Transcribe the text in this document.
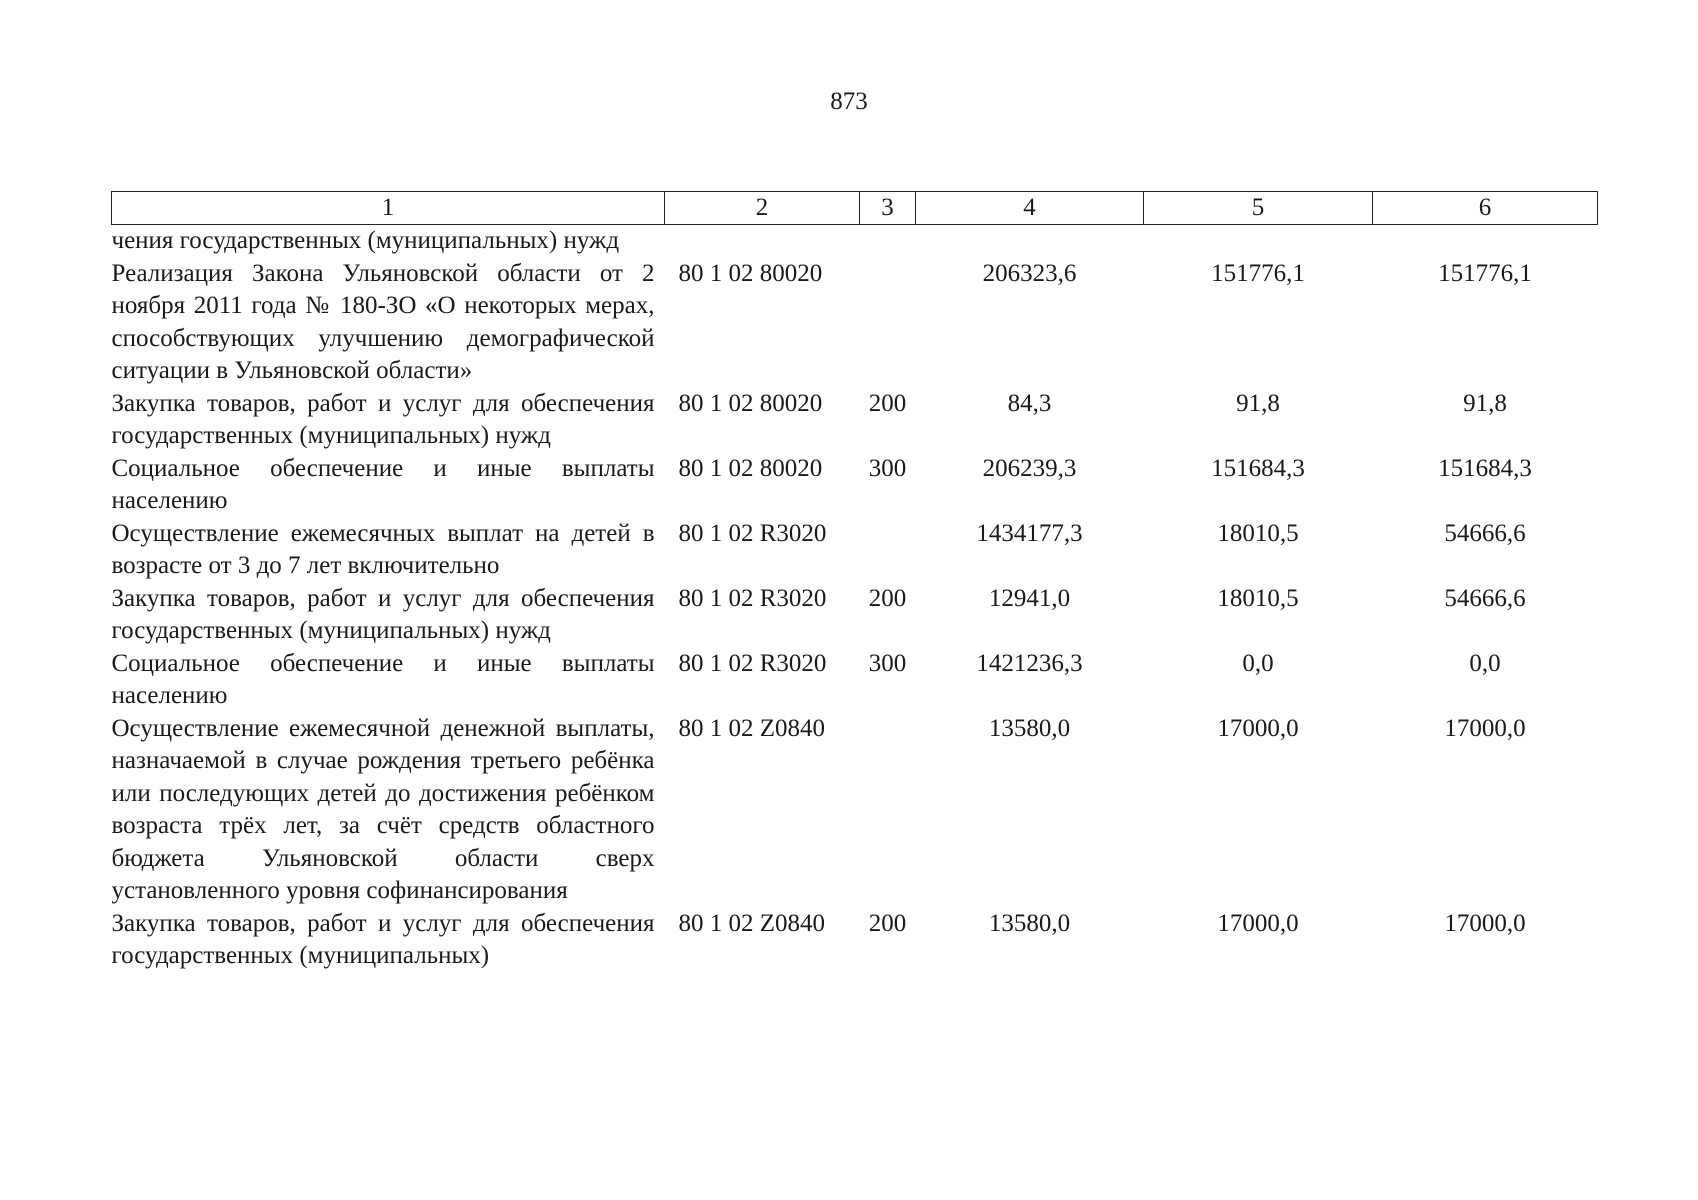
873
1	2	3	4	5	6
чения государственных (муниципальных) нужд					
Реализация Закона Ульяновской области от 2 ноября 2011 года № 180-ЗО «О некоторых мерах, способствующих улучшению демографической ситуации в Ульяновской области»	80 1 02 80020		206323,6	151776,1	151776,1
Закупка товаров, работ и услуг для обеспечения государственных (муниципальных) нужд	80 1 02 80020	200	84,3	91,8	91,8
Социальное обеспечение и иные выплаты населению	80 1 02 80020	300	206239,3	151684,3	151684,3
Осуществление ежемесячных выплат на детей в возрасте от 3 до 7 лет включительно	80 1 02 R3020		1434177,3	18010,5	54666,6
Закупка товаров, работ и услуг для обеспечения государственных (муниципальных) нужд	80 1 02 R3020	200	12941,0	18010,5	54666,6
Социальное обеспечение и иные выплаты населению	80 1 02 R3020	300	1421236,3	0,0	0,0
Осуществление ежемесячной денежной выплаты, назначаемой в случае рождения третьего ребёнка или последующих детей до достижения ребёнком возраста трёх лет, за счёт средств областного бюджета Ульяновской области сверх установленного уровня софинансирования	80 1 02 Z0840		13580,0	17000,0	17000,0
Закупка товаров, работ и услуг для обеспечения государственных (муниципальных)	80 1 02 Z0840	200	13580,0	17000,0	17000,0
